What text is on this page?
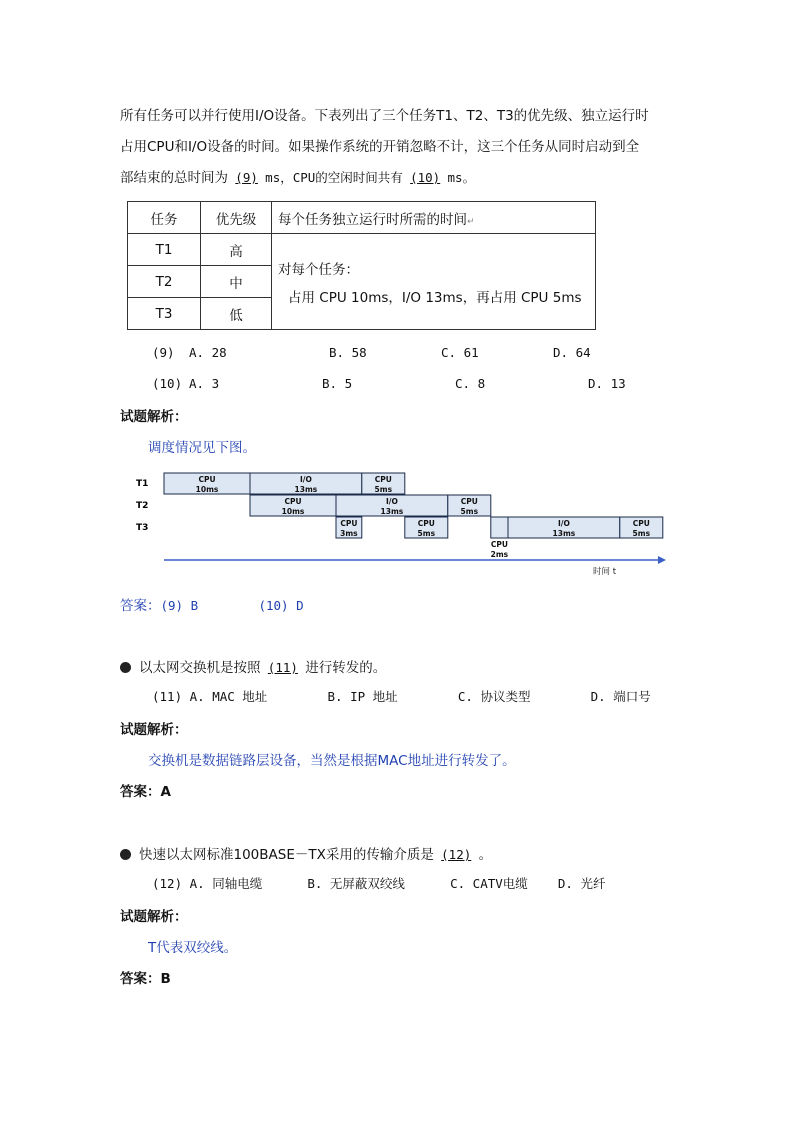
所有任务可以并行使用I/O设备。下表列出了三个任务T1、T2、T3的优先级、独立运行时
占用CPU和I/O设备的时间。如果操作系统的开销忽略不计，这三个任务从同时启动到全
部结束的总时间为 (9) ms，CPU的空闲时间共有 (10) ms。
任务	优先级	每个任务独立运行时所需的时间↵
T1	高	对每个任务：
占用 CPU 10ms，I/O 13ms，再占用 CPU 5ms

T2	中	
T3	低	
(9) A. 28	B. 58	C. 61	D. 64
(10) A. 3	B. 5	C. 8	D. 13
试题解析：
调度情况见下图。
时间 t
T1
T2
T3
CPU
10ms
I/O
13ms
CPU
5ms
CPU
10ms
I/O
13ms
CPU
5ms
CPU
3ms
CPU
5ms
CPU
2ms
I/O
13ms
CPU
5ms
答案：(9) B	(10) D
以太网交换机是按照 (11) 进行转发的。
(11) A. MAC 地址        B. IP 地址        C. 协议类型        D. 端口号
试题解析：
交换机是数据链路层设备，当然是根据MAC地址进行转发了。
答案：A
快速以太网标准100BASE－TX采用的传输介质是 (12) 。
(12) A. 同轴电缆      B. 无屏蔽双绞线      C. CATV电缆    D. 光纤
试题解析：
T代表双绞线。
答案：B
